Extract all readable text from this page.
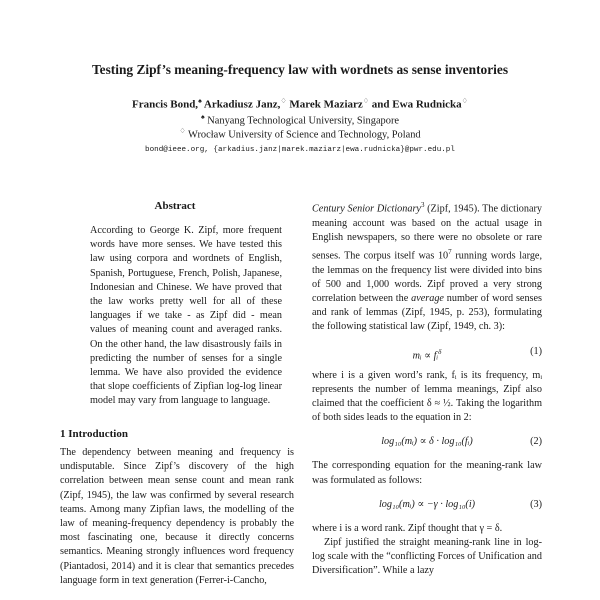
Testing Zipf’s meaning-frequency law with wordnets as sense inventories
Francis Bond,♠ Arkadiusz Janz,♢ Marek Maziarz♢ and Ewa Rudnicka♢
♠ Nanyang Technological University, Singapore
♢ Wrocław University of Science and Technology, Poland
bond@ieee.org, {arkadius.janz|marek.maziarz|ewa.rudnicka}@pwr.edu.pl
Abstract
According to George K. Zipf, more frequent words have more senses. We have tested this law using corpora and wordnets of English, Spanish, Portuguese, French, Polish, Japanese, Indonesian and Chinese. We have proved that the law works pretty well for all of these languages if we take - as Zipf did - mean values of meaning count and averaged ranks. On the other hand, the law disastrously fails in predicting the number of senses for a single lemma. We have also provided the evidence that slope coefficients of Zipfian log-log linear model may vary from language to language.
1 Introduction
The dependency between meaning and frequency is undisputable. Since Zipf’s discovery of the high correlation between mean sense count and mean rank (Zipf, 1945), the law was confirmed by several research teams. Among many Zipfian laws, the modelling of the law of meaning-frequency dependency is probably the most fascinating one, because it directly concerns semantics. Meaning strongly influences word frequency (Piantadosi, 2014) and it is clear that semantics precedes language form in text generation (Ferrer-i-Cancho,

Century Senior Dictionary$^3$ (Zipf, 1945). The dictionary meaning account was based on the actual usage in English newspapers, so there were no obsolete or rare senses. The corpus itself was $10^7$ running words large, the lemmas on the frequency list were divided into bins of 500 and 1,000 words. Zipf proved a very strong correlation between the average number of word senses and rank of lemmas (Zipf, 1945, p. 253), formulating the following statistical law (Zipf, 1949, ch. 3):

mᵢ ∝ fᵢ$^\delta$	(1)

where i is a given word’s rank, fᵢ is its frequency, mᵢ represents the number of lemma meanings, Zipf also claimed that the coefficient δ ≈ ½. Taking the logarithm of both sides leads to the equation in 2:

log₁₀(mᵢ) ∝ δ · log₁₀(fᵢ)	(2)

The corresponding equation for the meaning-rank law was formulated as follows:

log₁₀(mᵢ) ∝ −γ · log₁₀(i)	(3)

where i is a word rank. Zipf thought that γ = δ.

Zipf justified the straight meaning-rank line in log-log scale with the “conflicting Forces of Unification and Diversification”. While a lazy
